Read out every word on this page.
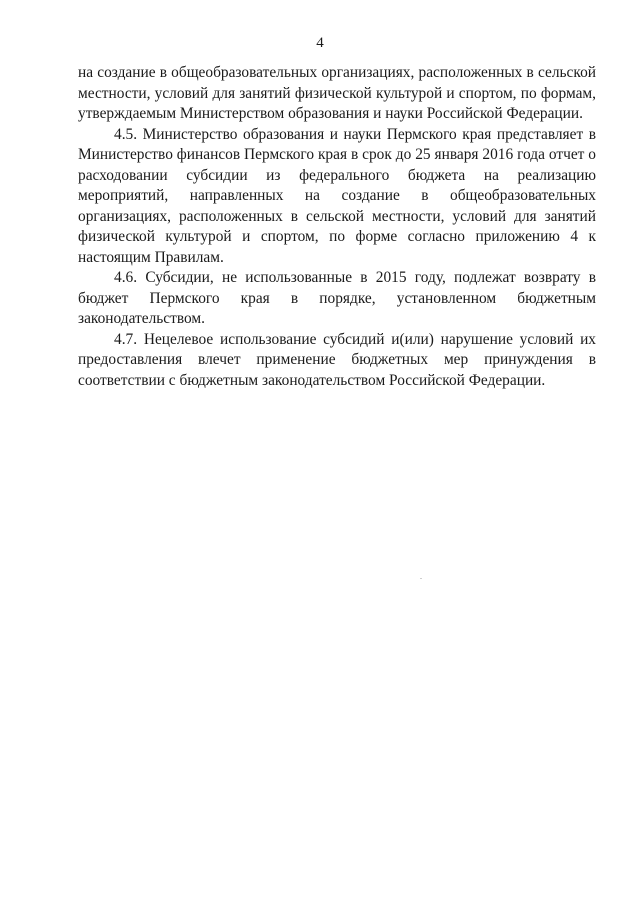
4

на создание в общеобразовательных организациях, расположенных в сельской местности, условий для занятий физической культурой и спортом, по формам, утверждаемым Министерством образования и науки Российской Федерации.

4.5. Министерство образования и науки Пермского края представляет в Министерство финансов Пермского края в срок до 25 января 2016 года отчет о расходовании субсидии из федерального бюджета на реализацию мероприятий, направленных на создание в общеобразовательных организациях, расположенных в сельской местности, условий для занятий физической культурой и спортом, по форме согласно приложению 4 к настоящим Правилам.

4.6. Субсидии, не использованные в 2015 году, подлежат возврату в бюджет Пермского края в порядке, установленном бюджетным законодательством.

4.7. Нецелевое использование субсидий и(или) нарушение условий их предоставления влечет применение бюджетных мер принуждения в соответствии с бюджетным законодательством Российской Федерации.
